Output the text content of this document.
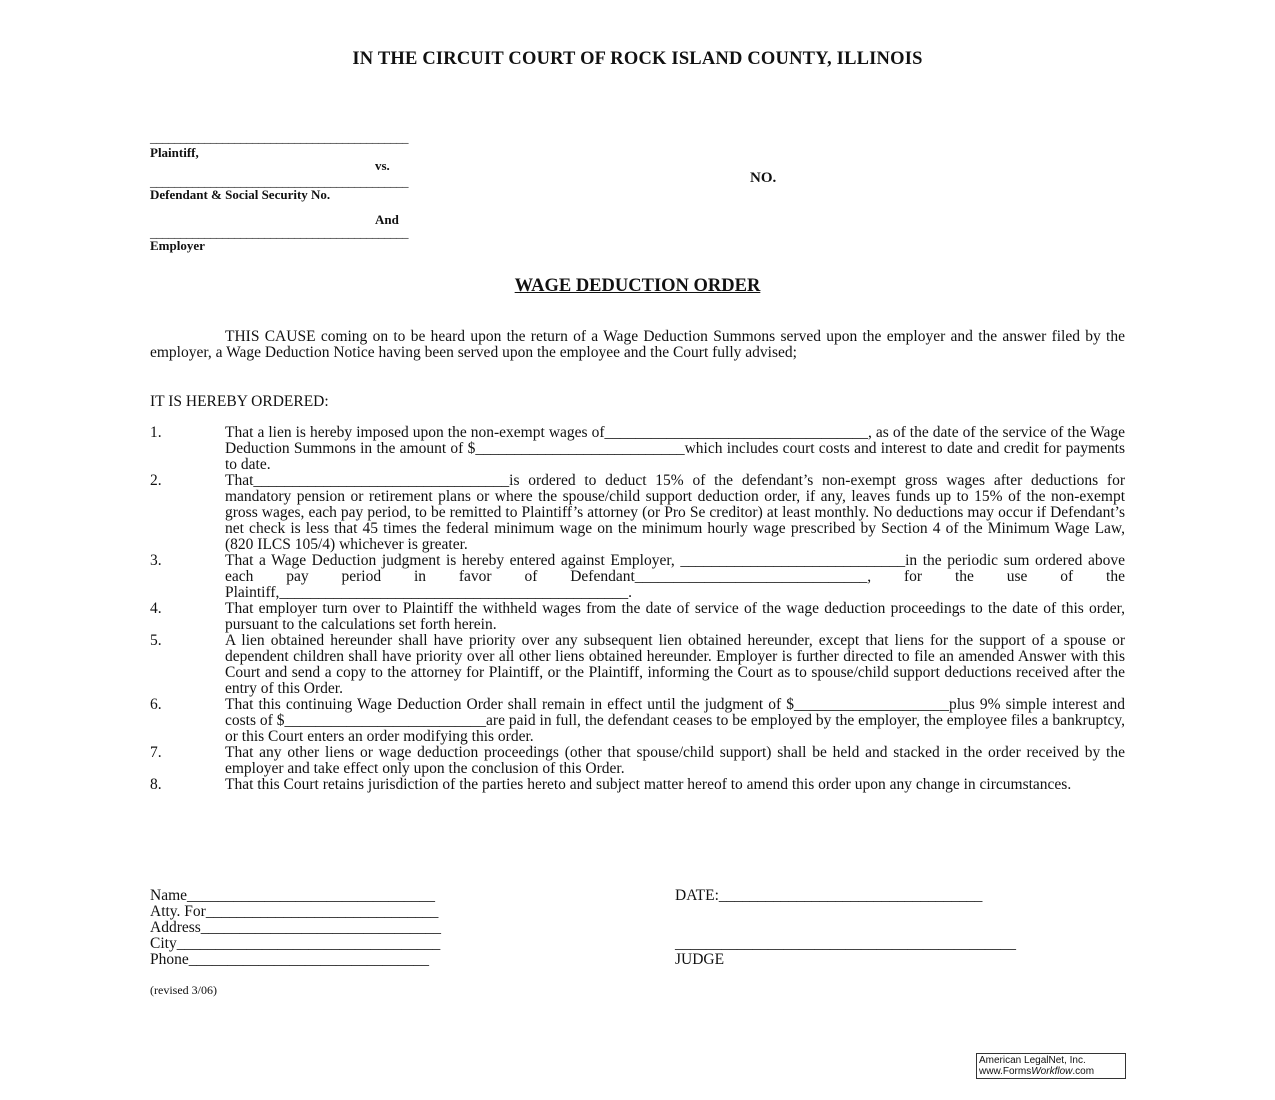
IN THE CIRCUIT COURT OF ROCK ISLAND COUNTY, ILLINOIS
___________________________________________
Plaintiff,
vs.
___________________________________________
Defendant & Social Security No.
And
___________________________________________
Employer
NO.
WAGE DEDUCTION ORDER
THIS CAUSE coming on to be heard upon the return of a Wage Deduction Summons served upon the employer and the answer filed by the employer, a Wage Deduction Notice having been served upon the employee and the Court fully advised;
IT IS HEREBY ORDERED:
1.	That a lien is hereby imposed upon the non-exempt wages of__________________________________, as of the date of the service of the Wage Deduction Summons in the amount of $___________________________which includes court costs and interest to date and credit for payments to date.
2.	That_________________________________is ordered to deduct 15% of the defendant’s non-exempt gross wages after deductions for mandatory pension or retirement plans or where the spouse/child support deduction order, if any, leaves funds up to 15% of the non-exempt gross wages, each pay period, to be remitted to Plaintiff’s attorney (or Pro Se creditor) at least monthly. No deductions may occur if Defendant’s net check is less that 45 times the federal minimum wage on the minimum hourly wage prescribed by Section 4 of the Minimum Wage Law, (820 ILCS 105/4) whichever is greater.
3.	That a Wage Deduction judgment is hereby entered against Employer, _____________________________in the periodic sum ordered above each pay period in favor of Defendant______________________________, for the use of the Plaintiff,_____________________________________________.
4.	That employer turn over to Plaintiff the withheld wages from the date of service of the wage deduction proceedings to the date of this order, pursuant to the calculations set forth herein.
5.	A lien obtained hereunder shall have priority over any subsequent lien obtained hereunder, except that liens for the support of a spouse or dependent children shall have priority over all other liens obtained hereunder. Employer is further directed to file an amended Answer with this Court and send a copy to the attorney for Plaintiff, or the Plaintiff, informing the Court as to spouse/child support deductions received after the entry of this Order.
6.	That this continuing Wage Deduction Order shall remain in effect until the judgment of $____________________plus 9% simple interest and costs of $__________________________are paid in full, the defendant ceases to be employed by the employer, the employee files a bankruptcy, or this Court enters an order modifying this order.
7.	That any other liens or wage deduction proceedings (other that spouse/child support) shall be held and stacked in the order received by the employer and take effect only upon the conclusion of this Order.
8.	That this Court retains jurisdiction of the parties hereto and subject matter hereof to amend this order upon any change in circumstances.
Name________________________________
Atty. For______________________________
Address_______________________________
City__________________________________
Phone_______________________________
DATE:__________________________________
____________________________________________
JUDGE
(revised 3/06)
American LegalNet, Inc.
www.FormsWorkflow.com
